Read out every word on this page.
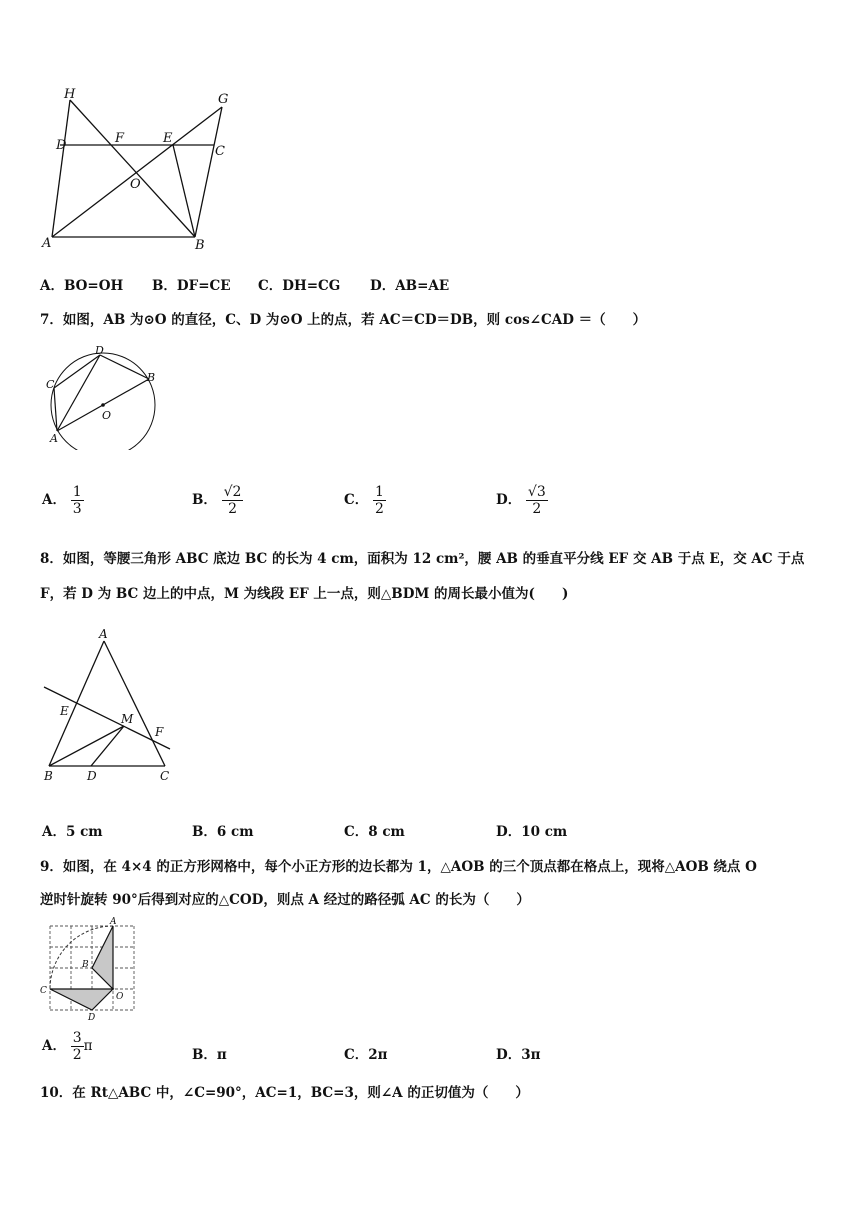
H	G
D	F	E
C
O
A	B
A．BO=OH B．DF=CE C．DH=CG D．AB=AE
7．如图，AB 为⊙O 的直径，C、D 为⊙O 上的点，若 AC＝CD＝DB，则 cos∠CAD ＝（　　）
D
C
B
O
A
A． $\frac{1}{3}$	B． $\frac{√2}{2}$	C． $\frac{1}{2}$	D． $\frac{√3}{2}$
8．如图，等腰三角形 ABC 底边 BC 的长为 4 cm，面积为 12 cm²，腰 AB 的垂直平分线 EF 交 AB 于点 E，交 AC 于点
F，若 D 为 BC 边上的中点，M 为线段 EF 上一点，则△BDM 的周长最小值为(　　)
A
E
M
F
B	D	C
A．5 cm	B．6 cm	C．8 cm	D．10 cm
9．如图，在 4×4 的正方形网格中，每个小正方形的边长都为 1，△AOB 的三个顶点都在格点上，现将△AOB 绕点 O
逆时针旋转 90°后得到对应的△COD，则点 A 经过的路径弧 AC 的长为（　　）
A
B
C
O
D
A． $\frac{3}{2}$ π
B．π	C．2π	D．3π
10．在 Rt△ABC 中，∠C=90°，AC=1，BC=3，则∠A 的正切值为（　　）
